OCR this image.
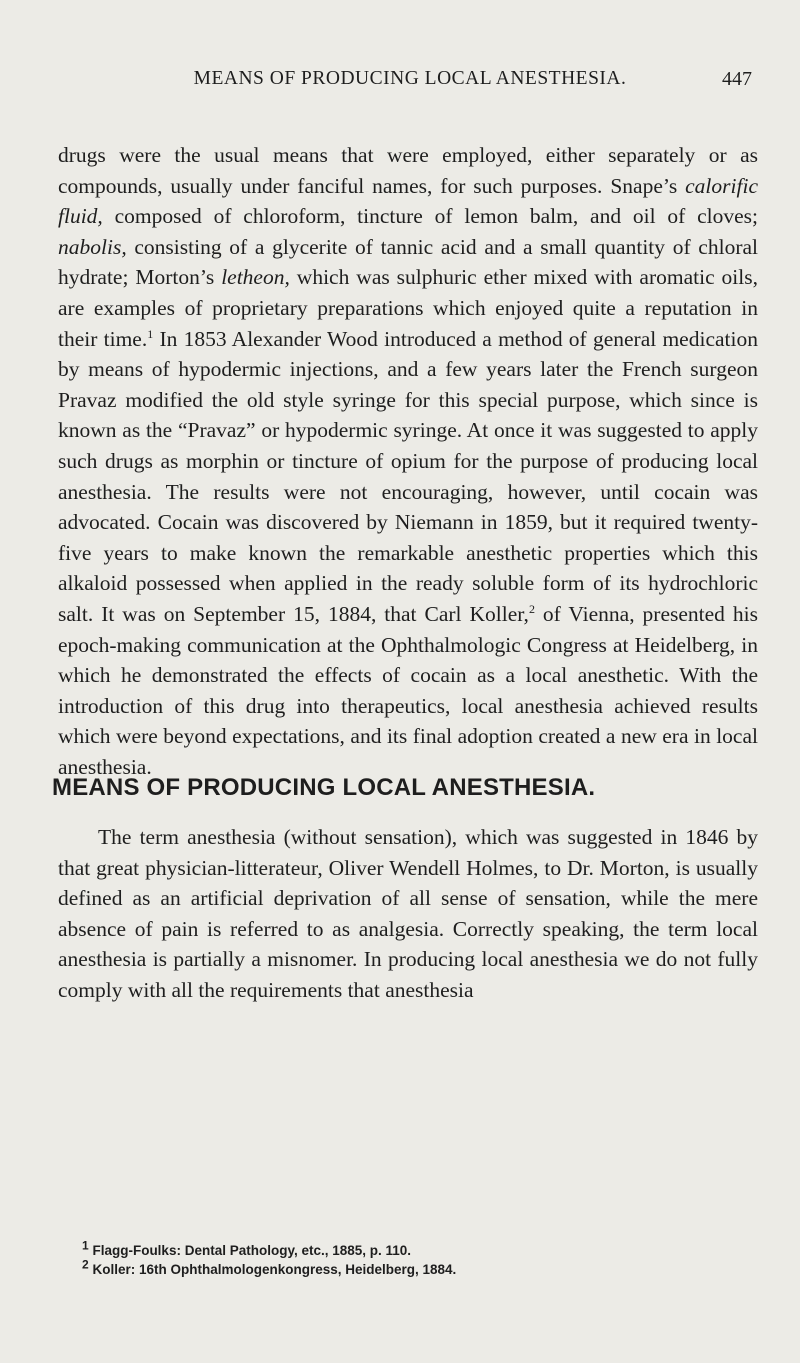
MEANS OF PRODUCING LOCAL ANESTHESIA.	447

drugs were the usual means that were employed, either separately or as compounds, usually under fanciful names, for such purposes. Snape’s calorific fluid, composed of chloroform, tincture of lemon balm, and oil of cloves; nabolis, consisting of a glycerite of tannic acid and a small quantity of chloral hydrate; Morton’s letheon, which was sulphuric ether mixed with aromatic oils, are examples of proprietary preparations which enjoyed quite a reputation in their time.$^1$ In 1853 Alexander Wood introduced a method of general medication by means of hypodermic injections, and a few years later the French surgeon Pravaz modified the old style syringe for this special purpose, which since is known as the “Pravaz” or hypodermic syringe. At once it was suggested to apply such drugs as morphin or tincture of opium for the purpose of producing local anesthesia. The results were not encouraging, however, until cocain was advocated. Cocain was discovered by Niemann in 1859, but it required twenty-five years to make known the remarkable anesthetic properties which this alkaloid possessed when applied in the ready soluble form of its hydrochloric salt. It was on September 15, 1884, that Carl Koller,$^2$ of Vienna, presented his epoch-making communication at the Ophthalmologic Congress at Heidelberg, in which he demonstrated the effects of cocain as a local anesthetic. With the introduction of this drug into therapeutics, local anesthesia achieved results which were beyond expectations, and its final adoption created a new era in local anesthesia.

MEANS OF PRODUCING LOCAL ANESTHESIA.

The term anesthesia (without sensation), which was suggested in 1846 by that great physician-litterateur, Oliver Wendell Holmes, to Dr. Morton, is usually defined as an artificial deprivation of all sense of sensation, while the mere absence of pain is referred to as analgesia. Correctly speaking, the term local anesthesia is partially a misnomer. In producing local anesthesia we do not fully comply with all the requirements that anesthesia

$^1$ Flagg-Foulks: Dental Pathology, etc., 1885, p. 110.
$^2$ Koller: 16th Ophthalmologenkongress, Heidelberg, 1884.
